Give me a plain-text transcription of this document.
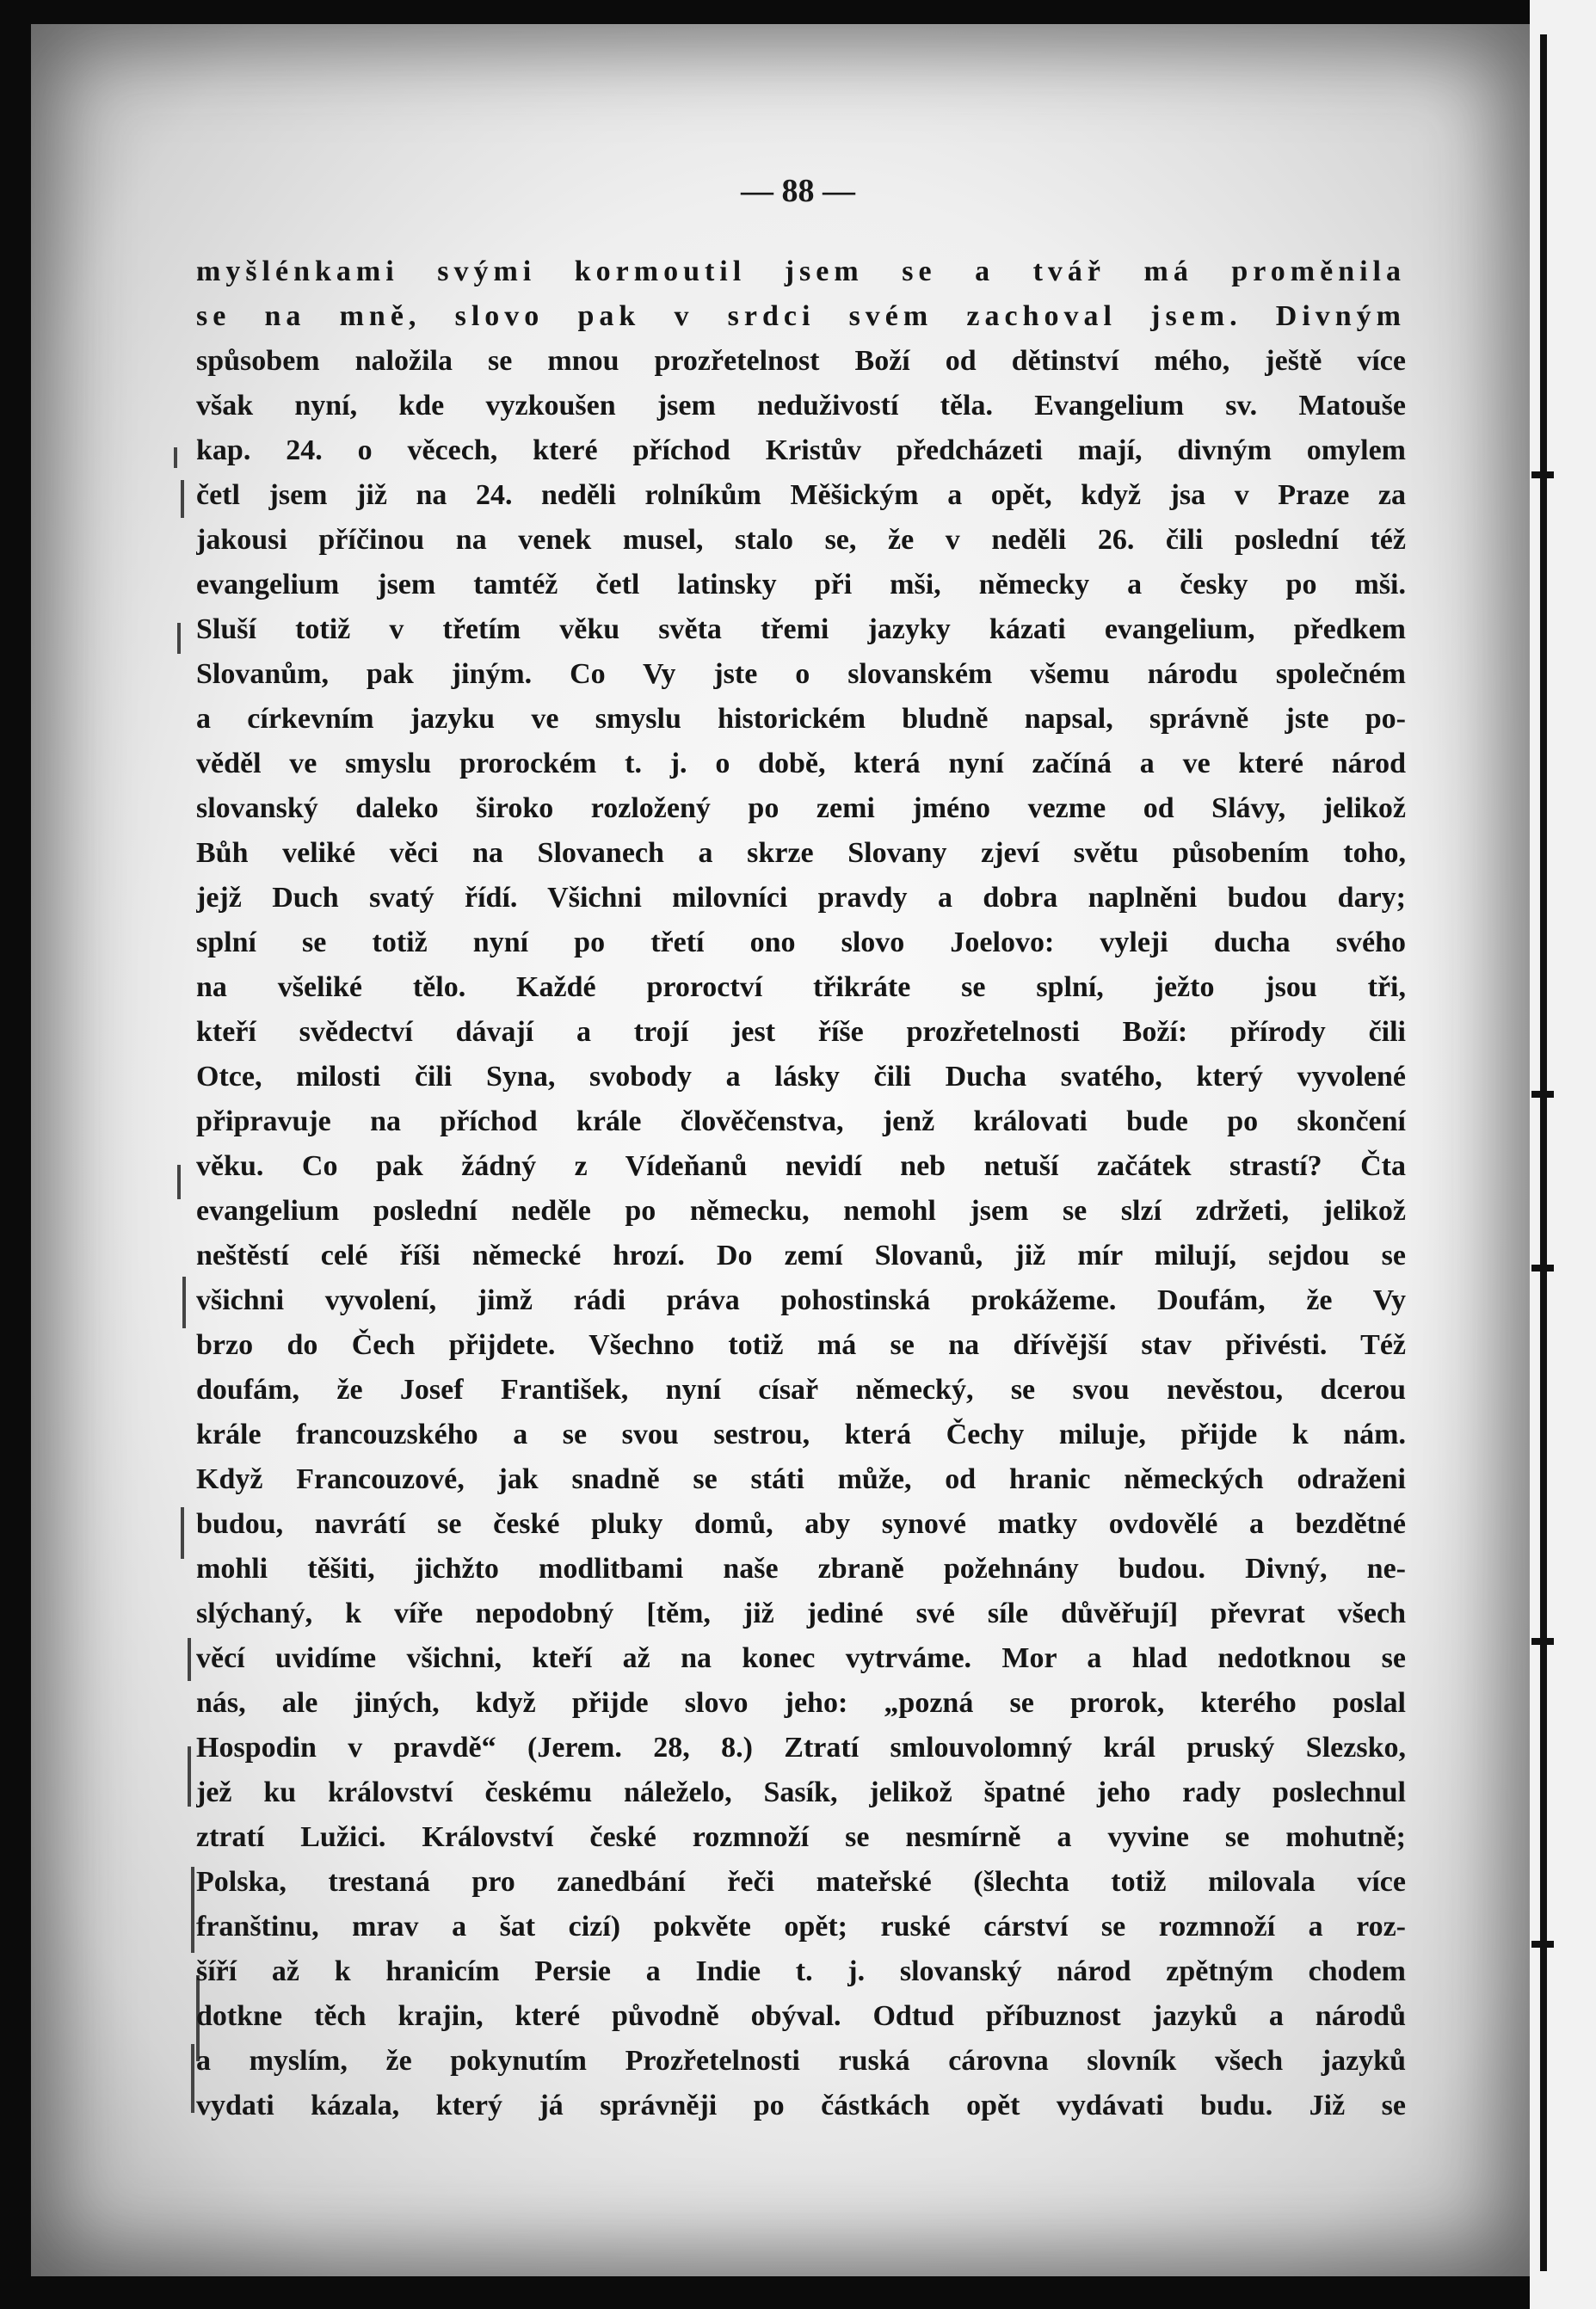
— 88 —
myšlénkami svými kormoutil jsem se a tvář má proměnila
se na mně, slovo pak v srdci svém zachoval jsem. Divným
spůsobem naložila se mnou prozřetelnost Boží od dětinství mého, ještě více
však nyní, kde vyzkoušen jsem neduživostí těla. Evangelium sv. Matouše
kap. 24. o věcech, které příchod Kristův předcházeti mají, divným omylem
četl jsem již na 24. neděli rolníkům Měšickým a opět, když jsa v Praze za
jakousi příčinou na venek musel, stalo se, že v neděli 26. čili poslední též
evangelium jsem tamtéž četl latinsky při mši, německy a česky po mši.
Sluší totiž v třetím věku světa třemi jazyky kázati evangelium, předkem
Slovanům, pak jiným. Co Vy jste o slovanském všemu národu společném
a církevním jazyku ve smyslu historickém bludně napsal, správně jste po-
věděl ve smyslu prorockém t. j. o době, která nyní začíná a ve které národ
slovanský daleko široko rozložený po zemi jméno vezme od Slávy, jelikož
Bůh veliké věci na Slovanech a skrze Slovany zjeví světu působením toho,
jejž Duch svatý řídí. Všichni milovníci pravdy a dobra naplněni budou dary;
splní se totiž nyní po třetí ono slovo Joelovo: vyleji ducha svého
na všeliké tělo. Každé proroctví třikráte se splní, ježto jsou tři,
kteří svědectví dávají a trojí jest říše prozřetelnosti Boží: přírody čili
Otce, milosti čili Syna, svobody a lásky čili Ducha svatého, který vyvolené
připravuje na příchod krále člověčenstva, jenž královati bude po skončení
věku. Co pak žádný z Vídeňanů nevidí neb netuší začátek strastí? Čta
evangelium poslední neděle po německu, nemohl jsem se slzí zdržeti, jelikož
neštěstí celé říši německé hrozí. Do zemí Slovanů, již mír milují, sejdou se
všichni vyvolení, jimž rádi práva pohostinská prokážeme. Doufám, že Vy
brzo do Čech přijdete. Všechno totiž má se na dřívější stav přivésti. Též
doufám, že Josef František, nyní císař německý, se svou nevěstou, dcerou
krále francouzského a se svou sestrou, která Čechy miluje, přijde k nám.
Když Francouzové, jak snadně se státi může, od hranic německých odraženi
budou, navrátí se české pluky domů, aby synové matky ovdovělé a bezdětné
mohli těšiti, jichžto modlitbami naše zbraně požehnány budou. Divný, ne-
slýchaný, k víře nepodobný [těm, již jediné své síle důvěřují] převrat všech
věcí uvidíme všichni, kteří až na konec vytrváme. Mor a hlad nedotknou se
nás, ale jiných, když přijde slovo jeho: „pozná se prorok, kterého poslal
Hospodin v pravdě“ (Jerem. 28, 8.) Ztratí smlouvolomný král pruský Slezsko,
jež ku království českému náleželo, Sasík, jelikož špatné jeho rady poslechnul
ztratí Lužici. Království české rozmnoží se nesmírně a vyvine se mohutně;
Polska, trestaná pro zanedbání řeči mateřské (šlechta totiž milovala více
franštinu, mrav a šat cizí) pokvěte opět; ruské cárství se rozmnoží a roz-
šíří až k hranicím Persie a Indie t. j. slovanský národ zpětným chodem
dotkne těch krajin, které původně obýval. Odtud příbuznost jazyků a národů
a myslím, že pokynutím Prozřetelnosti ruská cárovna slovník všech jazyků
vydati kázala, který já správněji po částkách opět vydávati budu. Již se
